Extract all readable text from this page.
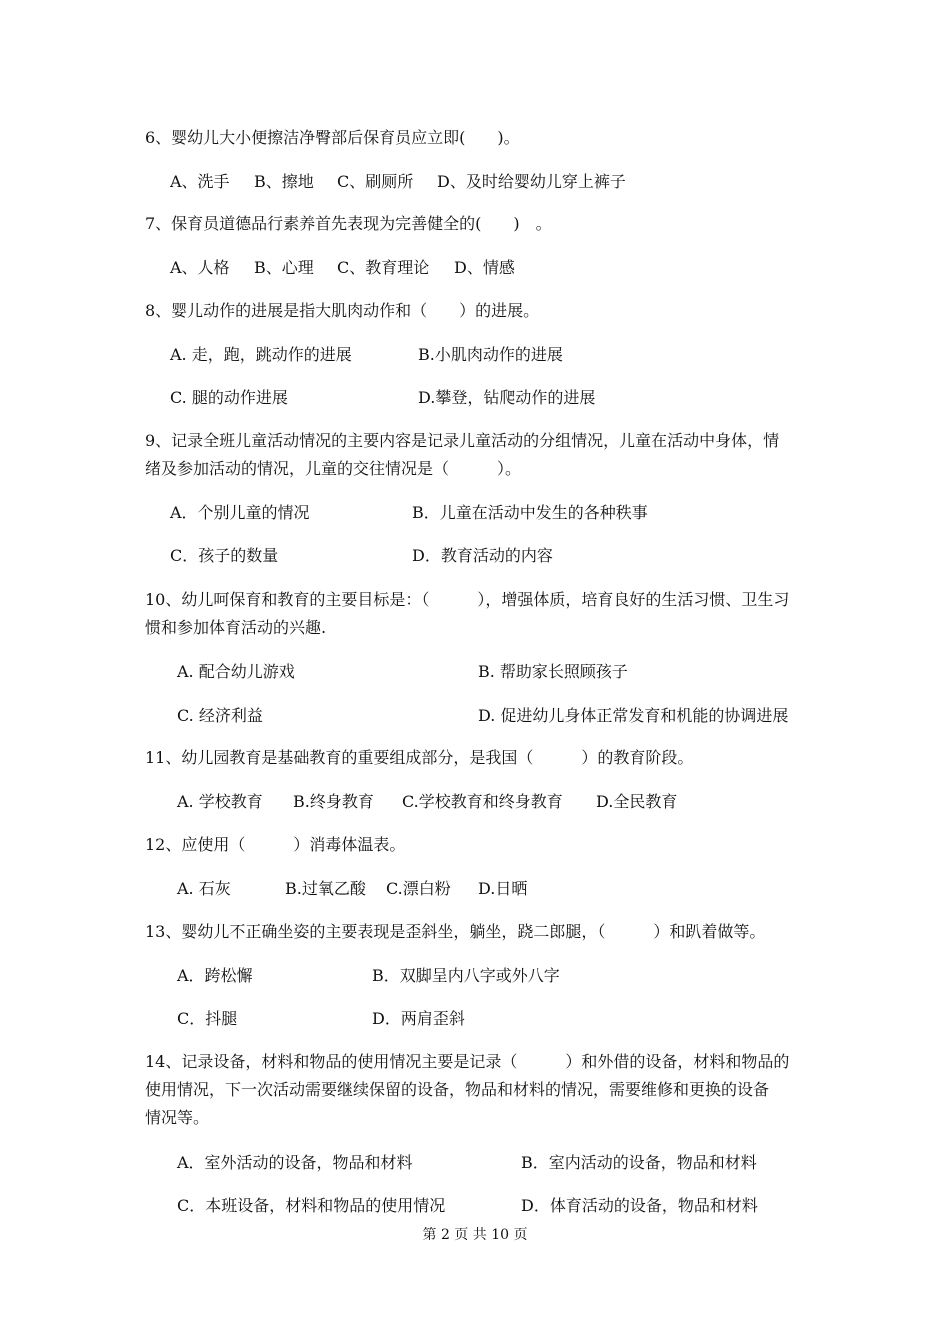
6、婴幼儿大小便擦洁净臀部后保育员应立即(　　)。
A、洗手 B、擦地 C、刷厕所 D、及时给婴幼儿穿上裤子
7、保育员道德品行素养首先表现为完善健全的(　　)　。
A、人格 B、心理 C、教育理论 D、情感
8、婴儿动作的进展是指大肌肉动作和（　　）的进展。
A. 走，跑，跳动作的进展	B.小肌肉动作的进展
C. 腿的动作进展	D.攀登，钻爬动作的进展
9、记录全班儿童活动情况的主要内容是记录儿童活动的分组情况，儿童在活动中身体，情
绪及参加活动的情况，儿童的交往情况是（　　　）。
A．个别儿童的情况	B．儿童在活动中发生的各种秩事
C．孩子的数量	D．教育活动的内容
10、幼儿呵保育和教育的主要目标是：（　　　），增强体质，培育良好的生活习惯、卫生习
惯和参加体育活动的兴趣.
A. 配合幼儿游戏	B. 帮助家长照顾孩子
C. 经济利益	D. 促进幼儿身体正常发育和机能的协调进展
11、幼儿园教育是基础教育的重要组成部分，是我国（　　　）的教育阶段。
A. 学校教育 B.终身教育 C.学校教育和终身教育 D.全民教育
12、应使用（　　　）消毒体温表。
A. 石灰	B.过氧乙酸 C.漂白粉 D.日晒
13、婴幼儿不正确坐姿的主要表现是歪斜坐，躺坐，跷二郎腿，（　　　）和趴着做等。
A．跨松懈	B．双脚呈内八字或外八字
C．抖腿	D．两肩歪斜
14、记录设备，材料和物品的使用情况主要是记录（　　　）和外借的设备，材料和物品的
使用情况，下一次活动需要继续保留的设备，物品和材料的情况，需要维修和更换的设备
情况等。
A．室外活动的设备，物品和材料	B．室内活动的设备，物品和材料
C．本班设备，材料和物品的使用情况	D．体育活动的设备，物品和材料
第 2 页 共 10 页
